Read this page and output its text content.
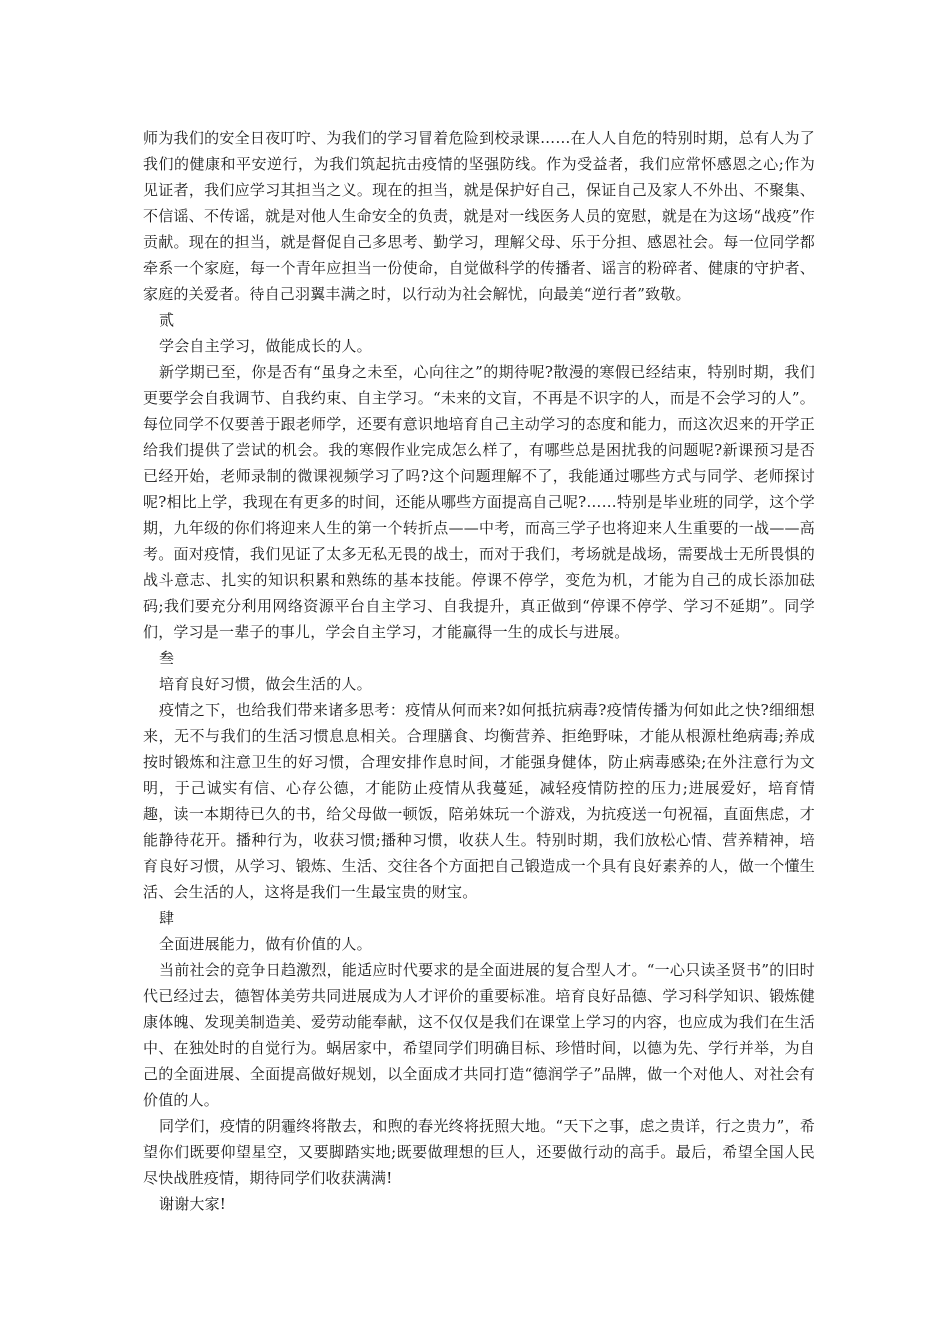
师为我们的安全日夜叮咛、为我们的学习冒着危险到校录课……在人人自危的特别时期，总有人为了我们的健康和平安逆行，为我们筑起抗击疫情的坚强防线。作为受益者，我们应常怀感恩之心;作为见证者，我们应学习其担当之义。现在的担当，就是保护好自己，保证自己及家人不外出、不聚集、不信谣、不传谣，就是对他人生命安全的负责，就是对一线医务人员的宽慰，就是在为这场“战疫”作贡献。现在的担当，就是督促自己多思考、勤学习，理解父母、乐于分担、感恩社会。每一位同学都牵系一个家庭，每一个青年应担当一份使命，自觉做科学的传播者、谣言的粉碎者、健康的守护者、家庭的关爱者。待自己羽翼丰满之时，以行动为社会解忧，向最美“逆行者”致敬。

贰

学会自主学习，做能成长的人。

新学期已至，你是否有“虽身之未至，心向往之”的期待呢?散漫的寒假已经结束，特别时期，我们更要学会自我调节、自我约束、自主学习。“未来的文盲，不再是不识字的人，而是不会学习的人”。每位同学不仅要善于跟老师学，还要有意识地培育自己主动学习的态度和能力，而这次迟来的开学正给我们提供了尝试的机会。我的寒假作业完成怎么样了，有哪些总是困扰我的问题呢?新课预习是否已经开始，老师录制的微课视频学习了吗?这个问题理解不了，我能通过哪些方式与同学、老师探讨呢?相比上学，我现在有更多的时间，还能从哪些方面提高自己呢?……特别是毕业班的同学，这个学期，九年级的你们将迎来人生的第一个转折点——中考，而高三学子也将迎来人生重要的一战——高考。面对疫情，我们见证了太多无私无畏的战士，而对于我们，考场就是战场，需要战士无所畏惧的战斗意志、扎实的知识积累和熟练的基本技能。停课不停学，变危为机，才能为自己的成长添加砝码;我们要充分利用网络资源平台自主学习、自我提升，真正做到“停课不停学、学习不延期”。同学们，学习是一辈子的事儿，学会自主学习，才能赢得一生的成长与进展。

叁

培育良好习惯，做会生活的人。

疫情之下，也给我们带来诸多思考：疫情从何而来?如何抵抗病毒?疫情传播为何如此之快?细细想来，无不与我们的生活习惯息息相关。合理膳食、均衡营养、拒绝野味，才能从根源杜绝病毒;养成按时锻炼和注意卫生的好习惯，合理安排作息时间，才能强身健体，防止病毒感染;在外注意行为文明，于己诚实有信、心存公德，才能防止疫情从我蔓延，减轻疫情防控的压力;进展爱好，培育情趣，读一本期待已久的书，给父母做一顿饭，陪弟妹玩一个游戏，为抗疫送一句祝福，直面焦虑，才能静待花开。播种行为，收获习惯;播种习惯，收获人生。特别时期，我们放松心情、营养精神，培育良好习惯，从学习、锻炼、生活、交往各个方面把自己锻造成一个具有良好素养的人，做一个懂生活、会生活的人，这将是我们一生最宝贵的财宝。

肆

全面进展能力，做有价值的人。

当前社会的竞争日趋激烈，能适应时代要求的是全面进展的复合型人才。“一心只读圣贤书”的旧时代已经过去，德智体美劳共同进展成为人才评价的重要标准。培育良好品德、学习科学知识、锻炼健康体魄、发现美制造美、爱劳动能奉献，这不仅仅是我们在课堂上学习的内容，也应成为我们在生活中、在独处时的自觉行为。蜗居家中，希望同学们明确目标、珍惜时间，以德为先、学行并举，为自己的全面进展、全面提高做好规划，以全面成才共同打造“德润学子”品牌，做一个对他人、对社会有价值的人。

同学们，疫情的阴霾终将散去，和煦的春光终将抚照大地。“天下之事，虑之贵详，行之贵力”，希望你们既要仰望星空，又要脚踏实地;既要做理想的巨人，还要做行动的高手。最后，希望全国人民尽快战胜疫情，期待同学们收获满满!

谢谢大家!
